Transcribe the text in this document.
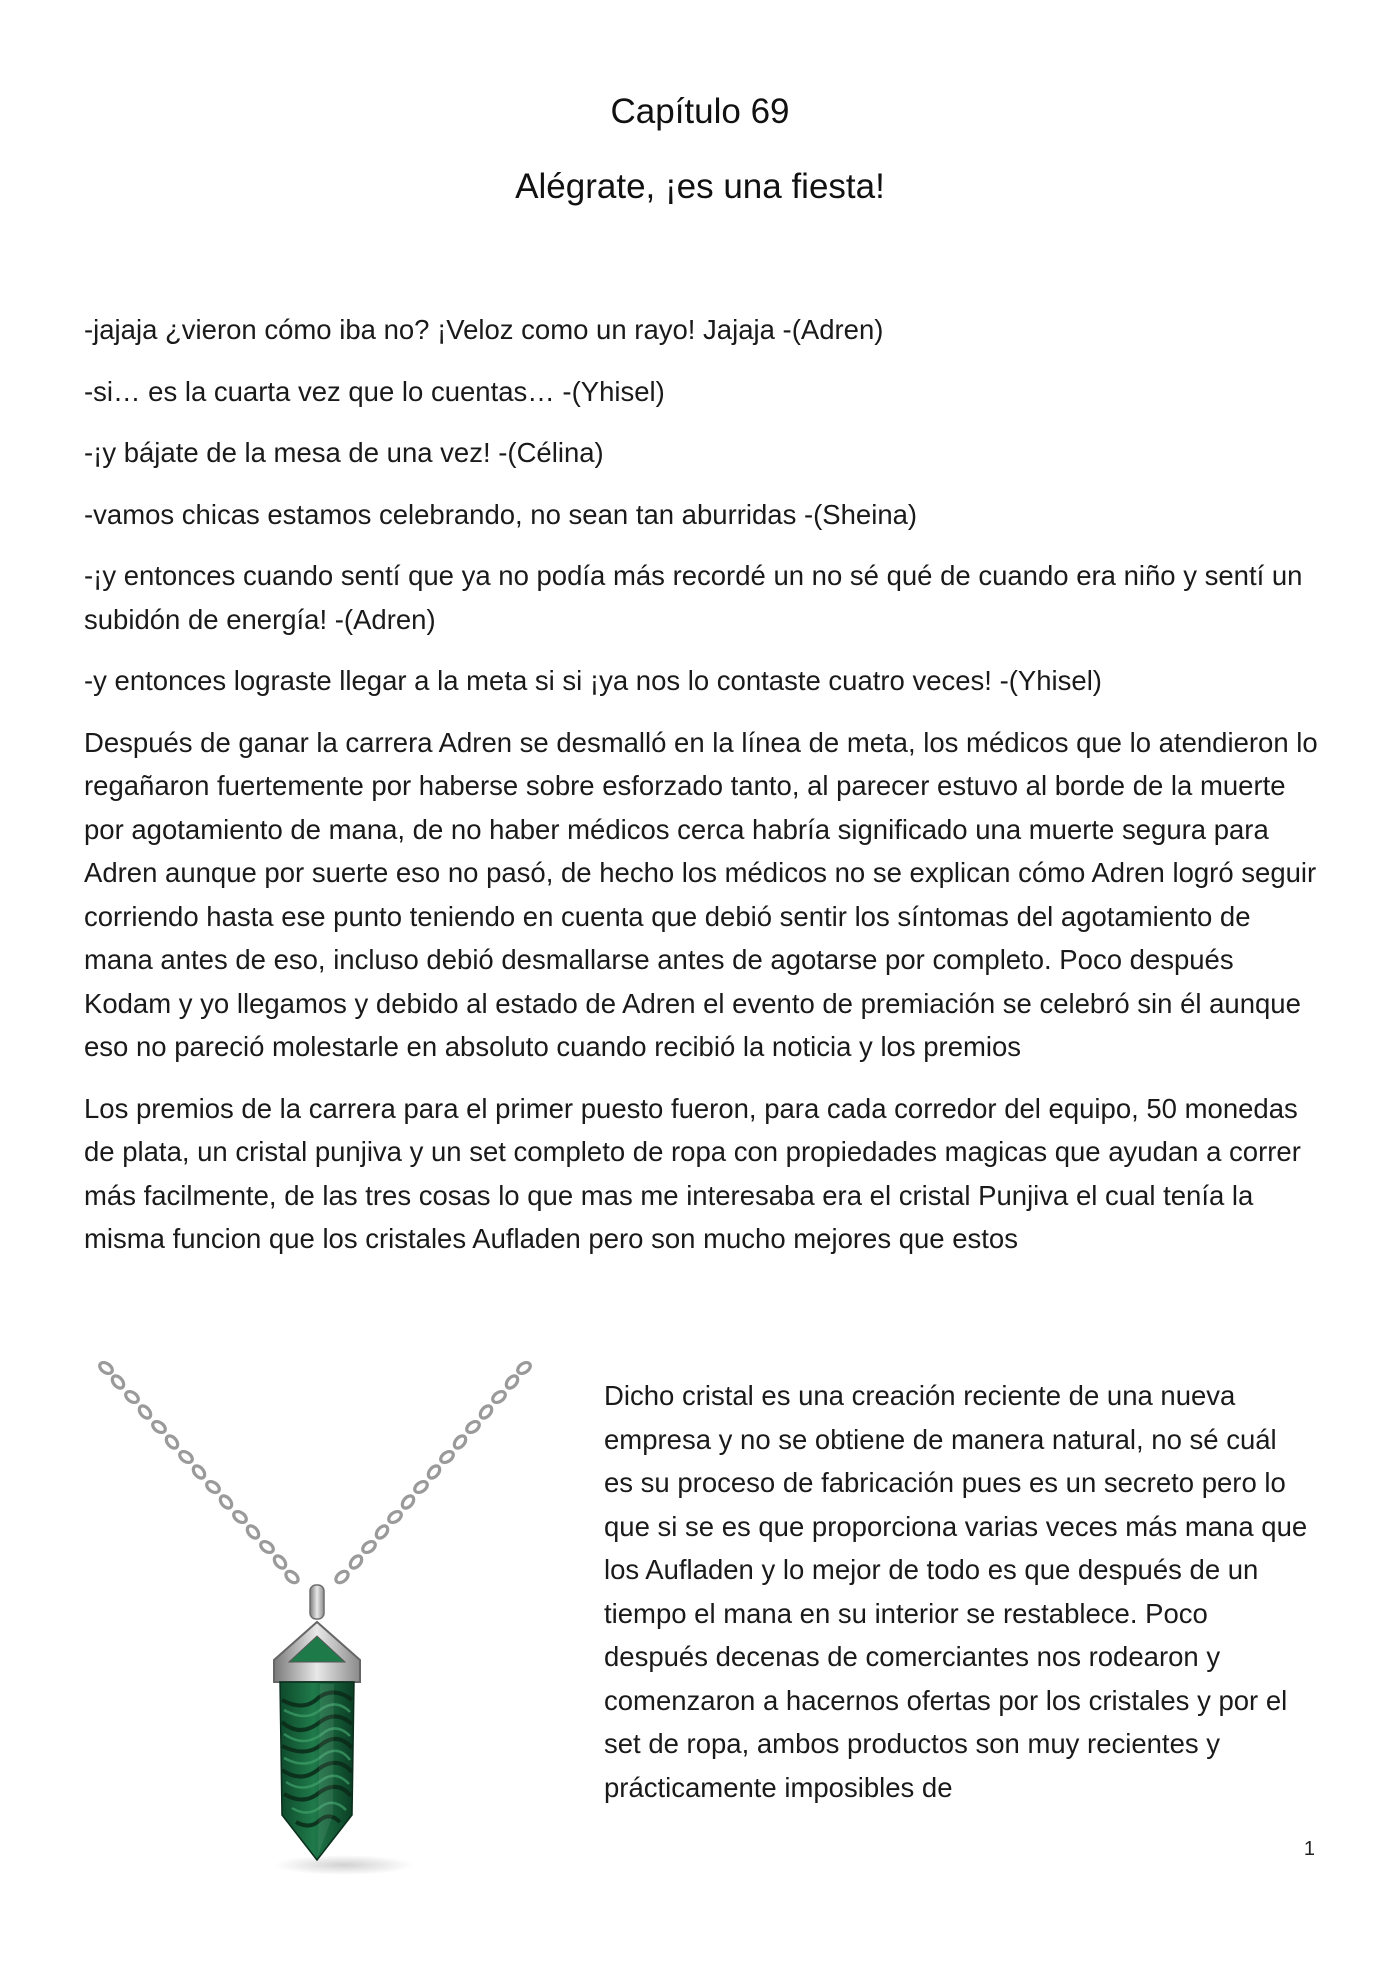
Capítulo 69
Alégrate, ¡es una fiesta!

-jajaja ¿vieron cómo iba no? ¡Veloz como un rayo! Jajaja -(Adren)

-si… es la cuarta vez que lo cuentas… -(Yhisel)

-¡y bájate de la mesa de una vez! -(Célina)

-vamos chicas estamos celebrando, no sean tan aburridas -(Sheina)

-¡y entonces cuando sentí que ya no podía más recordé un no sé qué de cuando era niño y sentí un subidón de energía! -(Adren)

-y entonces lograste llegar a la meta si si ¡ya nos lo contaste cuatro veces! -(Yhisel)

Después de ganar la carrera Adren se desmalló en la línea de meta, los médicos que lo atendieron lo regañaron fuertemente por haberse sobre esforzado tanto, al parecer estuvo al borde de la muerte por agotamiento de mana, de no haber médicos cerca habría significado una muerte segura para Adren aunque por suerte eso no pasó, de hecho los médicos no se explican cómo Adren logró seguir corriendo hasta ese punto teniendo en cuenta que debió sentir los síntomas del agotamiento de mana antes de eso, incluso debió desmallarse antes de agotarse por completo. Poco después Kodam y yo llegamos y debido al estado de Adren el evento de premiación se celebró sin él aunque eso no pareció molestarle en absoluto cuando recibió la noticia y los premios

Los premios de la carrera para el primer puesto fueron, para cada corredor del equipo, 50 monedas de plata, un cristal punjiva y un set completo de ropa con propiedades magicas que ayudan a correr más facilmente, de las tres cosas lo que mas me interesaba era el cristal Punjiva el cual tenía la misma funcion que los cristales Aufladen pero son mucho mejores que estos

Dicho cristal es una creación reciente de una nueva empresa y no se obtiene de manera natural, no sé cuál es su proceso de fabricación pues es un secreto pero lo que si se es que proporciona varias veces más mana que los Aufladen y lo mejor de todo es que después de un tiempo el mana en su interior se restablece. Poco después decenas de comerciantes nos rodearon y comenzaron a hacernos ofertas por los cristales y por el set de ropa, ambos productos son muy recientes y prácticamente imposibles de

1
